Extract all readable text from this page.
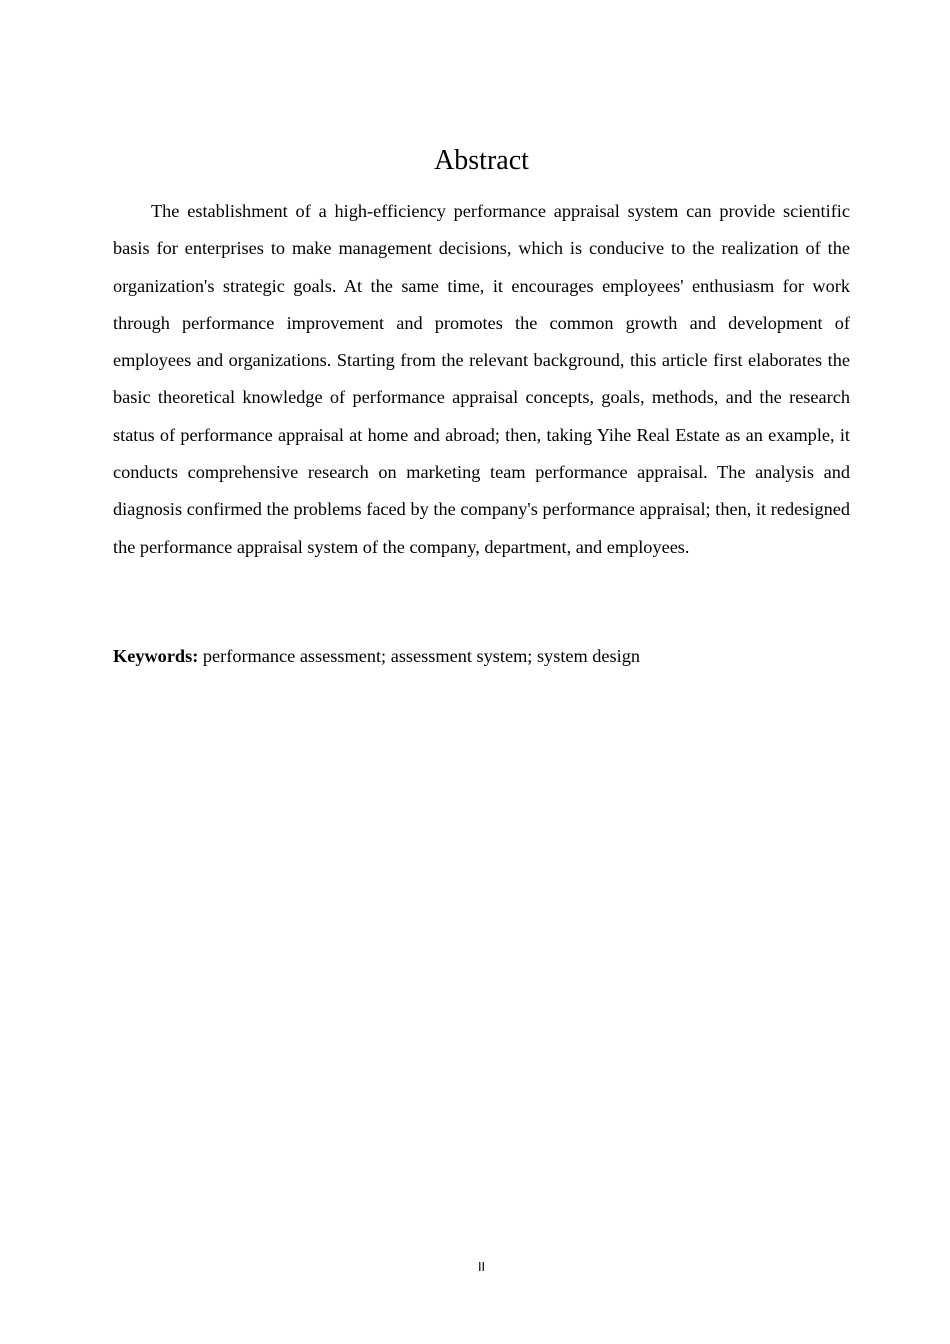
Abstract

The establishment of a high-efficiency performance appraisal system can provide scientific basis for enterprises to make management decisions, which is conducive to the realization of the organization's strategic goals. At the same time, it encourages employees' enthusiasm for work through performance improvement and promotes the common growth and development of employees and organizations. Starting from the relevant background, this article first elaborates the basic theoretical knowledge of performance appraisal concepts, goals, methods, and the research status of performance appraisal at home and abroad; then, taking Yihe Real Estate as an example, it conducts comprehensive research on marketing team performance appraisal. The analysis and diagnosis confirmed the problems faced by the company's performance appraisal; then, it redesigned the performance appraisal system of the company, department, and employees.

Keywords: performance assessment; assessment system; system design

II
